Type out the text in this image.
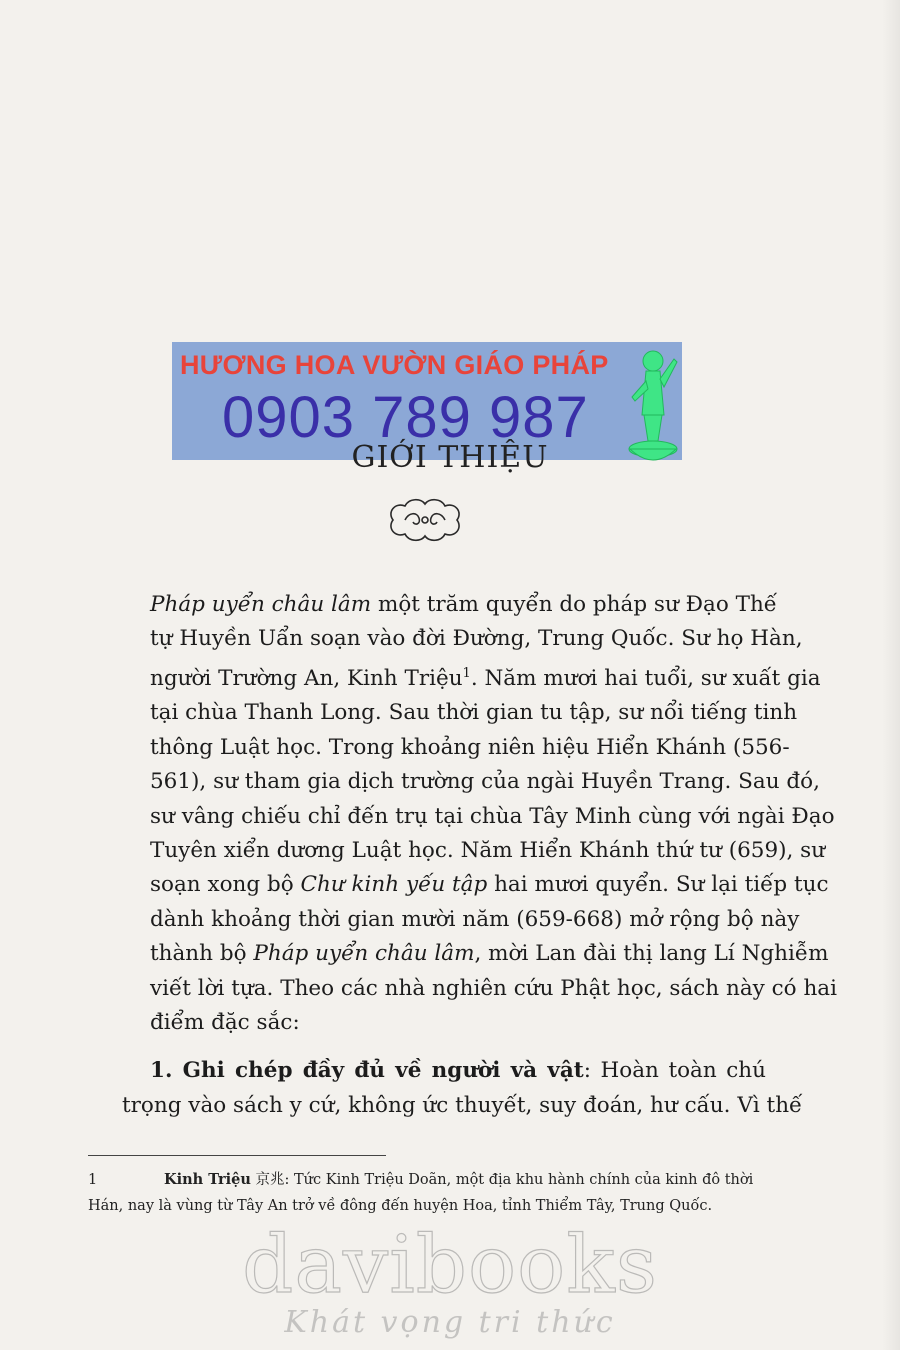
HƯƠNG HOA VƯỜN GIÁO PHÁP
0903 789 987
GIỚI THIỆU

Pháp uyển châu lâm một trăm quyển do pháp sư Đạo Thế
tự Huyền Uẩn soạn vào đời Đường, Trung Quốc. Sư họ Hàn,
người Trường An, Kinh Triệu$^1$. Năm mươi hai tuổi, sư xuất gia
tại chùa Thanh Long. Sau thời gian tu tập, sư nổi tiếng tinh
thông Luật học. Trong khoảng niên hiệu Hiển Khánh (556-
561), sư tham gia dịch trường của ngài Huyền Trang. Sau đó,
sư vâng chiếu chỉ đến trụ tại chùa Tây Minh cùng với ngài Đạo
Tuyên xiển dương Luật học. Năm Hiển Khánh thứ tư (659), sư
soạn xong bộ Chư kinh yếu tập hai mươi quyển. Sư lại tiếp tục
dành khoảng thời gian mười năm (659-668) mở rộng bộ này
thành bộ Pháp uyển châu lâm, mời Lan đài thị lang Lí Nghiễm
viết lời tựa. Theo các nhà nghiên cứu Phật học, sách này có hai
điểm đặc sắc:

1. Ghi chép đầy đủ về người và vật: Hoàn toàn chú
trọng vào sách y cứ, không ức thuyết, suy đoán, hư cấu. Vì thế

1	Kinh Triệu 京兆: Tức Kinh Triệu Doãn, một địa khu hành chính của kinh đô thời
Hán, nay là vùng từ Tây An trở về đông đến huyện Hoa, tỉnh Thiểm Tây, Trung Quốc.
davibooks
Khát vọng tri thức
